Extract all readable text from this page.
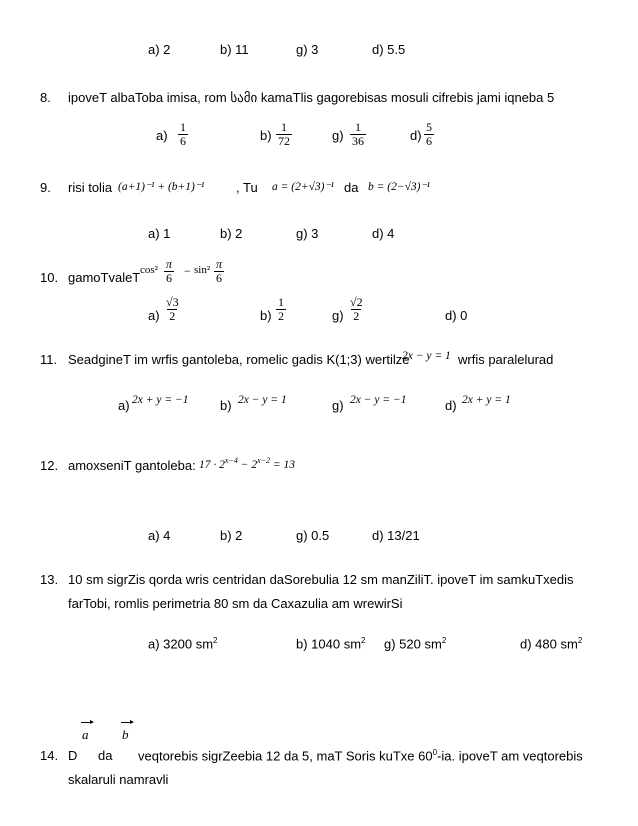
a) 2	b) 11	g) 3	d) 5.5
8. ipoveT albaToba imisa, rom სამი kamaTlis gagorebisas mosuli cifrebis jami iqneba 5
$a) \frac{1}{6}$	$b) \frac{1}{72}$	$g) \frac{1}{36}$	$d) \frac{5}{6}$
9. risi tolia (a+1)⁻¹ + (b+1)⁻¹ , Tu a = (2+√3)⁻¹ da b = (2−√3)⁻¹
a) 1	b) 2	g) 3	d) 4
10. gamoTvaleT $\cos^2 \frac{\pi}{6} - \sin^2 \frac{\pi}{6}$
$a) \frac{√3}{2}$	$b) \frac{1}{2}$	$g) \frac{√2}{2}$	d) 0
11. SeadgineT im wrfis gantoleba, romelic gadis K(1;3) wertilze
2x − y = 1 wrfis paralelurad
a) 2x + y = −1 b) 2x − y = 1	g) 2x − y = −1	d) 2x + y = 1
12. amoxseniT gantoleba: $17 \cdot 2^{x-4} - 2^{x-2} = 13$
a) 4	b) 2	g) 0.5	d) 13/21
13. 10 sm sigrZis qorda wris centridan daSorebulia 12 sm manZiliT. ipoveT im samkuTxedis
farTobi, romlis perimetria 80 sm da Caxazulia am wrewirSi
a) 3200 $sm^2$	b) 1040 $sm^2$ g) 520 $sm^2$	d) 480 $sm^2$
a	b
14. D da veqtorebis sigrZeebia 12 da 5, maT Soris kuTxe $60^0-ia$. ipoveT am veqtorebis
skalaruli namravli
